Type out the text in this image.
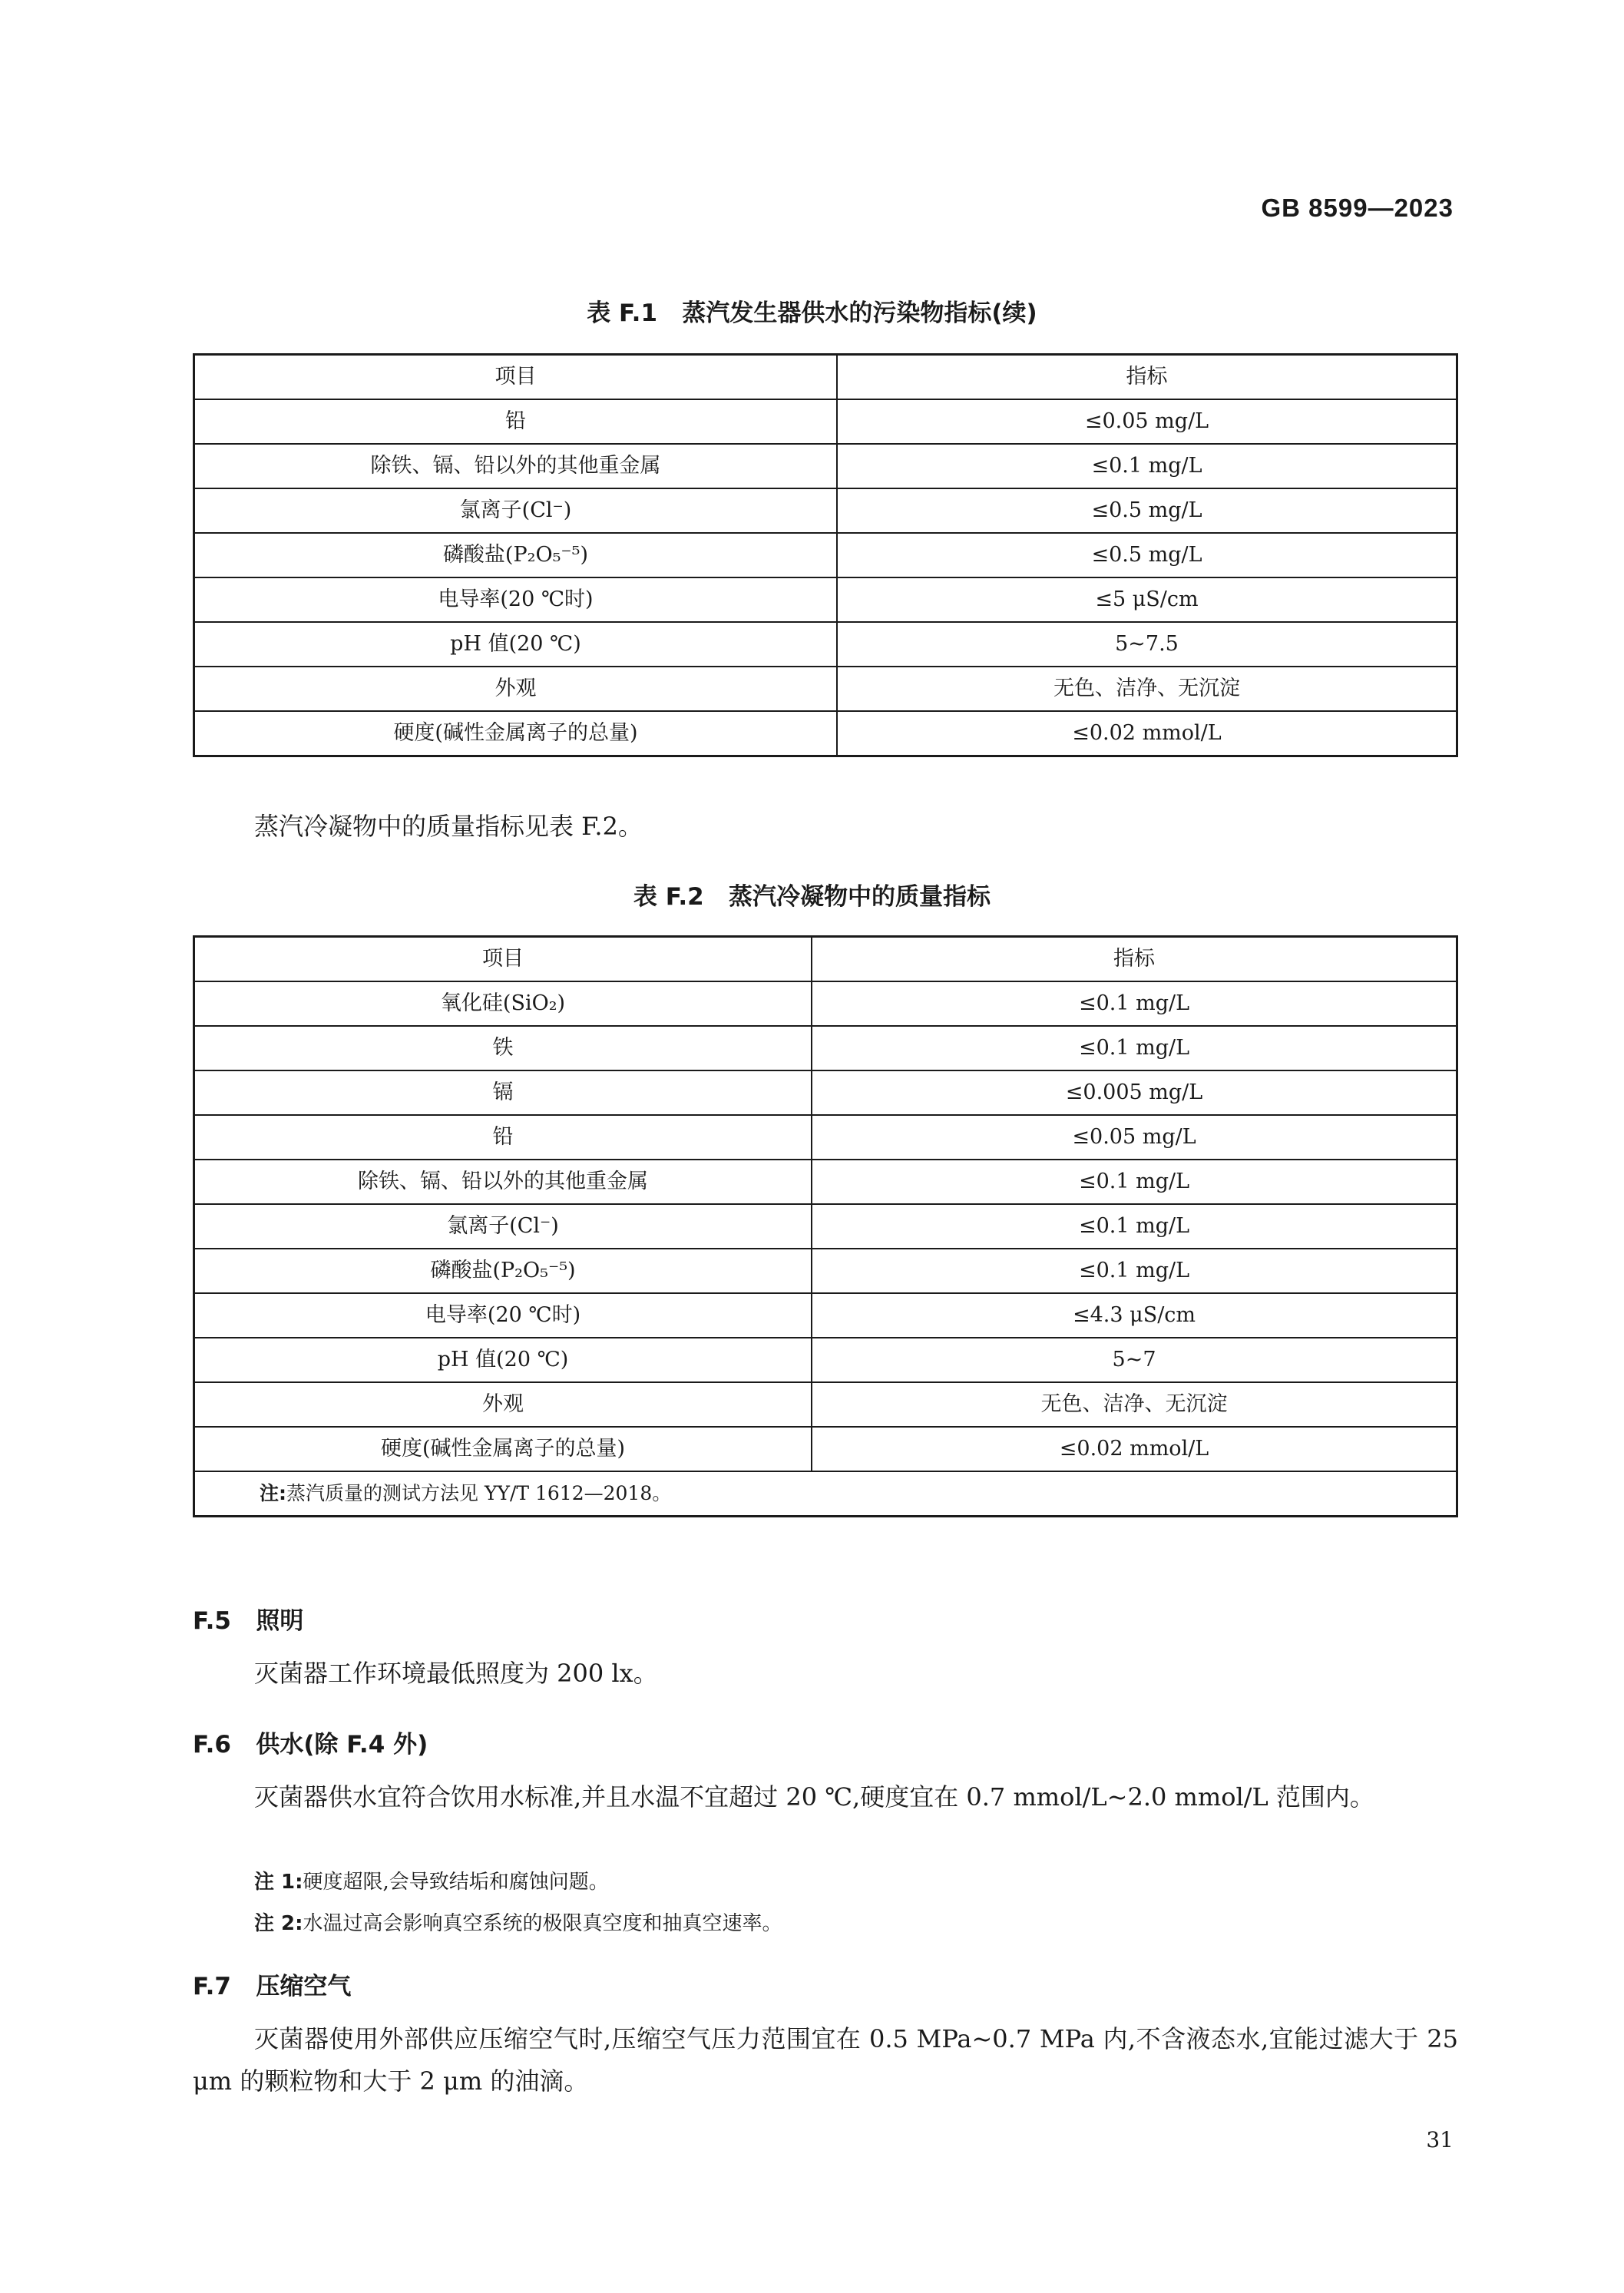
GB 8599—2023
表 F.1   蒸汽发生器供水的污染物指标(续)
项目	指标
铅	≤0.05 mg/L
除铁、镉、铅以外的其他重金属	≤0.1 mg/L
氯离子(Cl⁻)	≤0.5 mg/L
磷酸盐(P₂O₅⁻⁵)	≤0.5 mg/L
电导率(20 ℃时)	≤5 μS/cm
pH 值(20 ℃)	5~7.5
外观	无色、洁净、无沉淀
硬度(碱性金属离子的总量)	≤0.02 mmol/L
蒸汽冷凝物中的质量指标见表 F.2。
表 F.2   蒸汽冷凝物中的质量指标
项目	指标
氧化硅(SiO₂)	≤0.1 mg/L
铁	≤0.1 mg/L
镉	≤0.005 mg/L
铅	≤0.05 mg/L
除铁、镉、铅以外的其他重金属	≤0.1 mg/L
氯离子(Cl⁻)	≤0.1 mg/L
磷酸盐(P₂O₅⁻⁵)	≤0.1 mg/L
电导率(20 ℃时)	≤4.3 μS/cm
pH 值(20 ℃)	5~7
外观	无色、洁净、无沉淀
硬度(碱性金属离子的总量)	≤0.02 mmol/L
注:蒸汽质量的测试方法见 YY/T 1612—2018。	
F.5   照明
灭菌器工作环境最低照度为 200 lx。
F.6   供水(除 F.4 外)
灭菌器供水宜符合饮用水标准,并且水温不宜超过 20 ℃,硬度宜在 0.7 mmol/L~2.0 mmol/L 范围内。
注 1:硬度超限,会导致结垢和腐蚀问题。
注 2:水温过高会影响真空系统的极限真空度和抽真空速率。
F.7   压缩空气
灭菌器使用外部供应压缩空气时,压缩空气压力范围宜在 0.5 MPa~0.7 MPa 内,不含液态水,宜能过滤大于 25 μm 的颗粒物和大于 2 μm 的油滴。
31
